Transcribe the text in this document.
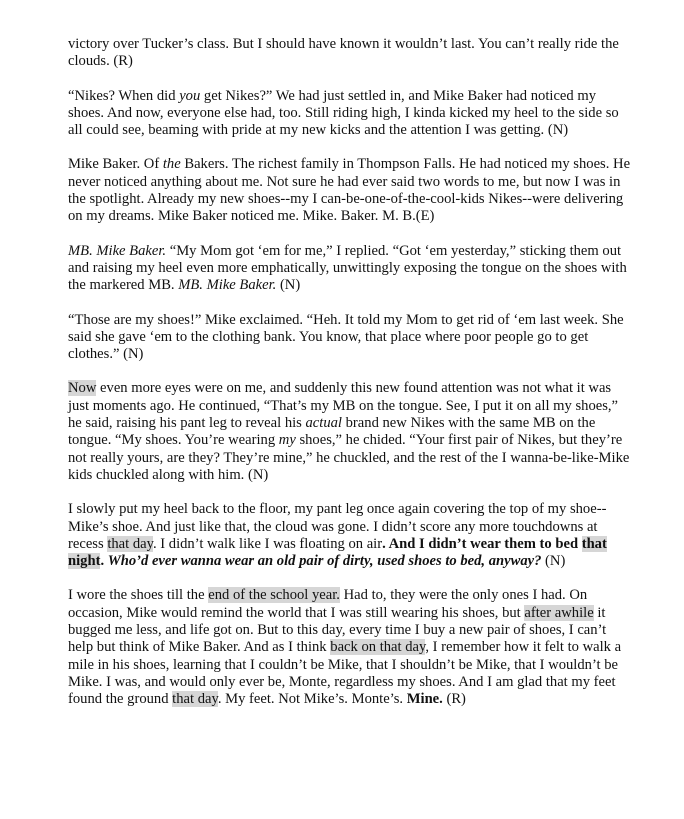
victory over Tucker’s class. But I should have known it wouldn’t last. You can’t really ride the clouds. (R)

“Nikes? When did you get Nikes?” We had just settled in, and Mike Baker had noticed my shoes. And now, everyone else had, too. Still riding high, I kinda kicked my heel to the side so all could see, beaming with pride at my new kicks and the attention I was getting. (N)

Mike Baker. Of the Bakers. The richest family in Thompson Falls. He had noticed my shoes. He never noticed anything about me. Not sure he had ever said two words to me, but now I was in the spotlight. Already my new shoes--my I can-be-one-of-the-cool-kids Nikes--were delivering on my dreams. Mike Baker noticed me. Mike. Baker. M. B.(E)

MB. Mike Baker. “My Mom got ‘em for me,” I replied. “Got ‘em yesterday,” sticking them out and raising my heel even more emphatically, unwittingly exposing the tongue on the shoes with the markered MB. MB. Mike Baker. (N)

“Those are my shoes!” Mike exclaimed. “Heh. It told my Mom to get rid of ‘em last week. She said she gave ‘em to the clothing bank. You know, that place where poor people go to get clothes.” (N)

Now even more eyes were on me, and suddenly this new found attention was not what it was just moments ago. He continued, “That’s my MB on the tongue. See, I put it on all my shoes,” he said, raising his pant leg to reveal his actual brand new Nikes with the same MB on the tongue. “My shoes. You’re wearing my shoes,” he chided. “Your first pair of Nikes, but they’re not really yours, are they? They’re mine,” he chuckled, and the rest of the I wanna-be-like-Mike kids chuckled along with him. (N)

I slowly put my heel back to the floor, my pant leg once again covering the top of my shoe--Mike’s shoe. And just like that, the cloud was gone. I didn’t score any more touchdowns at recess that day. I didn’t walk like I was floating on air. And I didn’t wear them to bed that night. Who’d ever wanna wear an old pair of dirty, used shoes to bed, anyway? (N)

I wore the shoes till the end of the school year. Had to, they were the only ones I had. On occasion, Mike would remind the world that I was still wearing his shoes, but after awhile it bugged me less, and life got on. But to this day, every time I buy a new pair of shoes, I can’t help but think of Mike Baker. And as I think back on that day, I remember how it felt to walk a mile in his shoes, learning that I couldn’t be Mike, that I shouldn’t be Mike, that I wouldn’t be Mike. I was, and would only ever be, Monte, regardless my shoes. And I am glad that my feet found the ground that day. My feet. Not Mike’s. Monte’s. Mine. (R)
